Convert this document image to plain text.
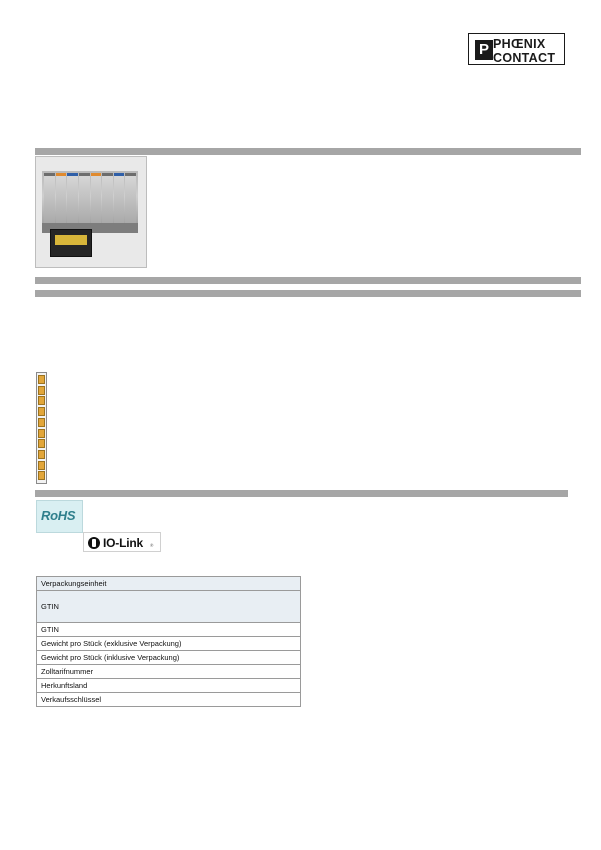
P PHŒNIX
CONTACT
RoHS
IO-Link ®
Verpackungseinheit
GTIN
GTIN
Gewicht pro Stück (exklusive Verpackung)
Gewicht pro Stück (inklusive Verpackung)
Zolltarifnummer
Herkunftsland
Verkaufsschlüssel
